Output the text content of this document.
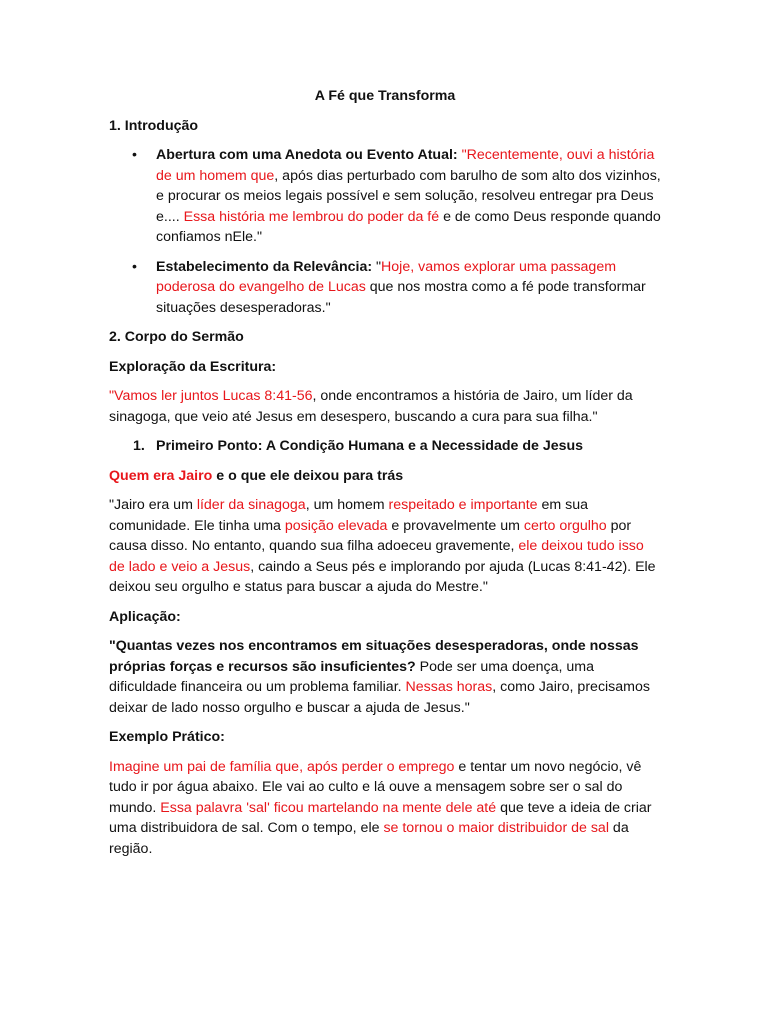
A Fé que Transforma

1. Introdução

• Abertura com uma Anedota ou Evento Atual: "Recentemente, ouvi a história de um homem que, após dias perturbado com barulho de som alto dos vizinhos, e procurar os meios legais possível e sem solução, resolveu entregar pra Deus e.... Essa história me lembrou do poder da fé e de como Deus responde quando confiamos nEle."
• Estabelecimento da Relevância: "Hoje, vamos explorar uma passagem poderosa do evangelho de Lucas que nos mostra como a fé pode transformar situações desesperadoras."

2. Corpo do Sermão

Exploração da Escritura:

"Vamos ler juntos Lucas 8:41-56, onde encontramos a história de Jairo, um líder da sinagoga, que veio até Jesus em desespero, buscando a cura para sua filha."

1. Primeiro Ponto: A Condição Humana e a Necessidade de Jesus

Quem era Jairo e o que ele deixou para trás

"Jairo era um líder da sinagoga, um homem respeitado e importante em sua comunidade. Ele tinha uma posição elevada e provavelmente um certo orgulho por causa disso. No entanto, quando sua filha adoeceu gravemente, ele deixou tudo isso de lado e veio a Jesus, caindo a Seus pés e implorando por ajuda (Lucas 8:41-42). Ele deixou seu orgulho e status para buscar a ajuda do Mestre."

Aplicação:

"Quantas vezes nos encontramos em situações desesperadoras, onde nossas próprias forças e recursos são insuficientes? Pode ser uma doença, uma dificuldade financeira ou um problema familiar. Nessas horas, como Jairo, precisamos deixar de lado nosso orgulho e buscar a ajuda de Jesus."

Exemplo Prático:

Imagine um pai de família que, após perder o emprego e tentar um novo negócio, vê tudo ir por água abaixo. Ele vai ao culto e lá ouve a mensagem sobre ser o sal do mundo. Essa palavra 'sal' ficou martelando na mente dele até que teve a ideia de criar uma distribuidora de sal. Com o tempo, ele se tornou o maior distribuidor de sal da região.
